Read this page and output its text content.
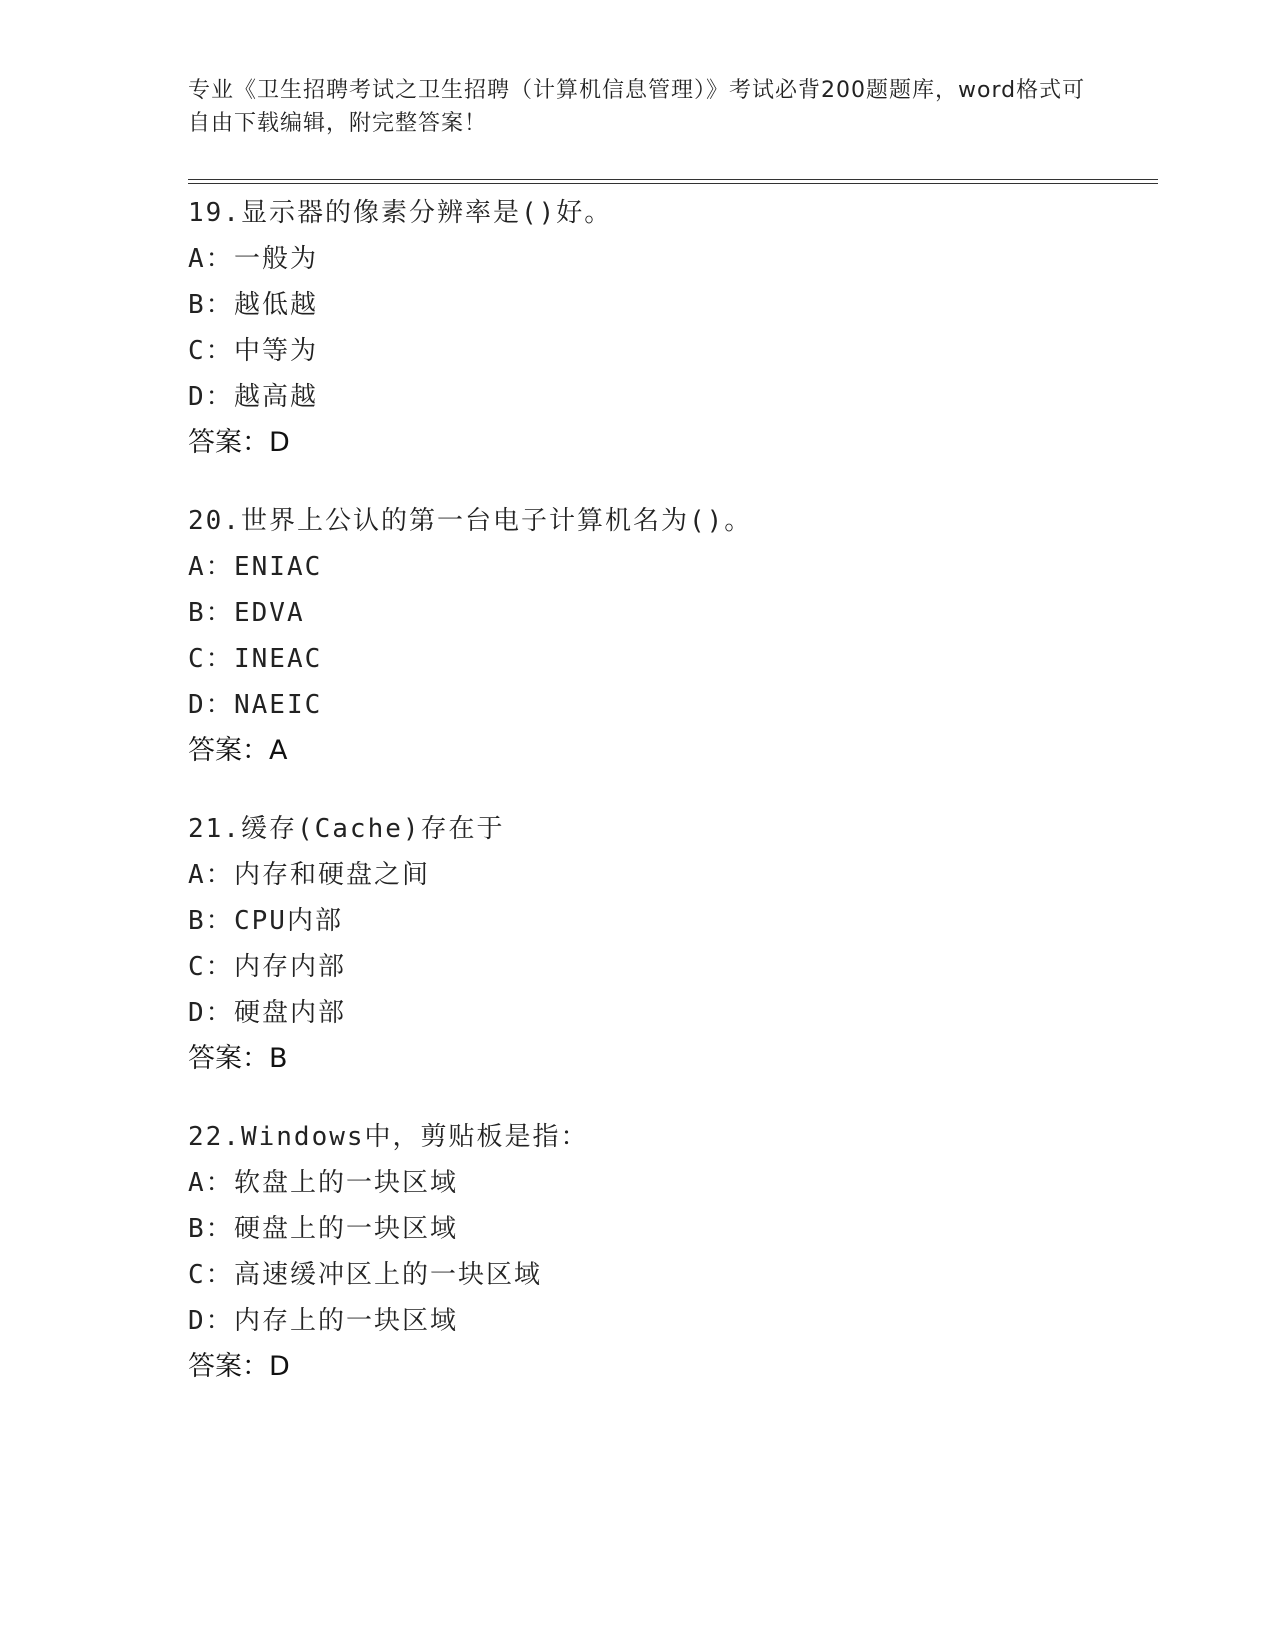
专业《卫生招聘考试之卫生招聘（计算机信息管理）》考试必背200题题库，word格式可自由下载编辑，附完整答案！
19.显示器的像素分辨率是()好。
A：一般为
B：越低越
C：中等为
D：越高越
答案：D
20.世界上公认的第一台电子计算机名为()。
A：ENIAC
B：EDVA
C：INEAC
D：NAEIC
答案：A
21.缓存(Cache)存在于
A：内存和硬盘之间
B：CPU内部
C：内存内部
D：硬盘内部
答案：B
22.Windows中，剪贴板是指：
A：软盘上的一块区域
B：硬盘上的一块区域
C：高速缓冲区上的一块区域
D：内存上的一块区域
答案：D
